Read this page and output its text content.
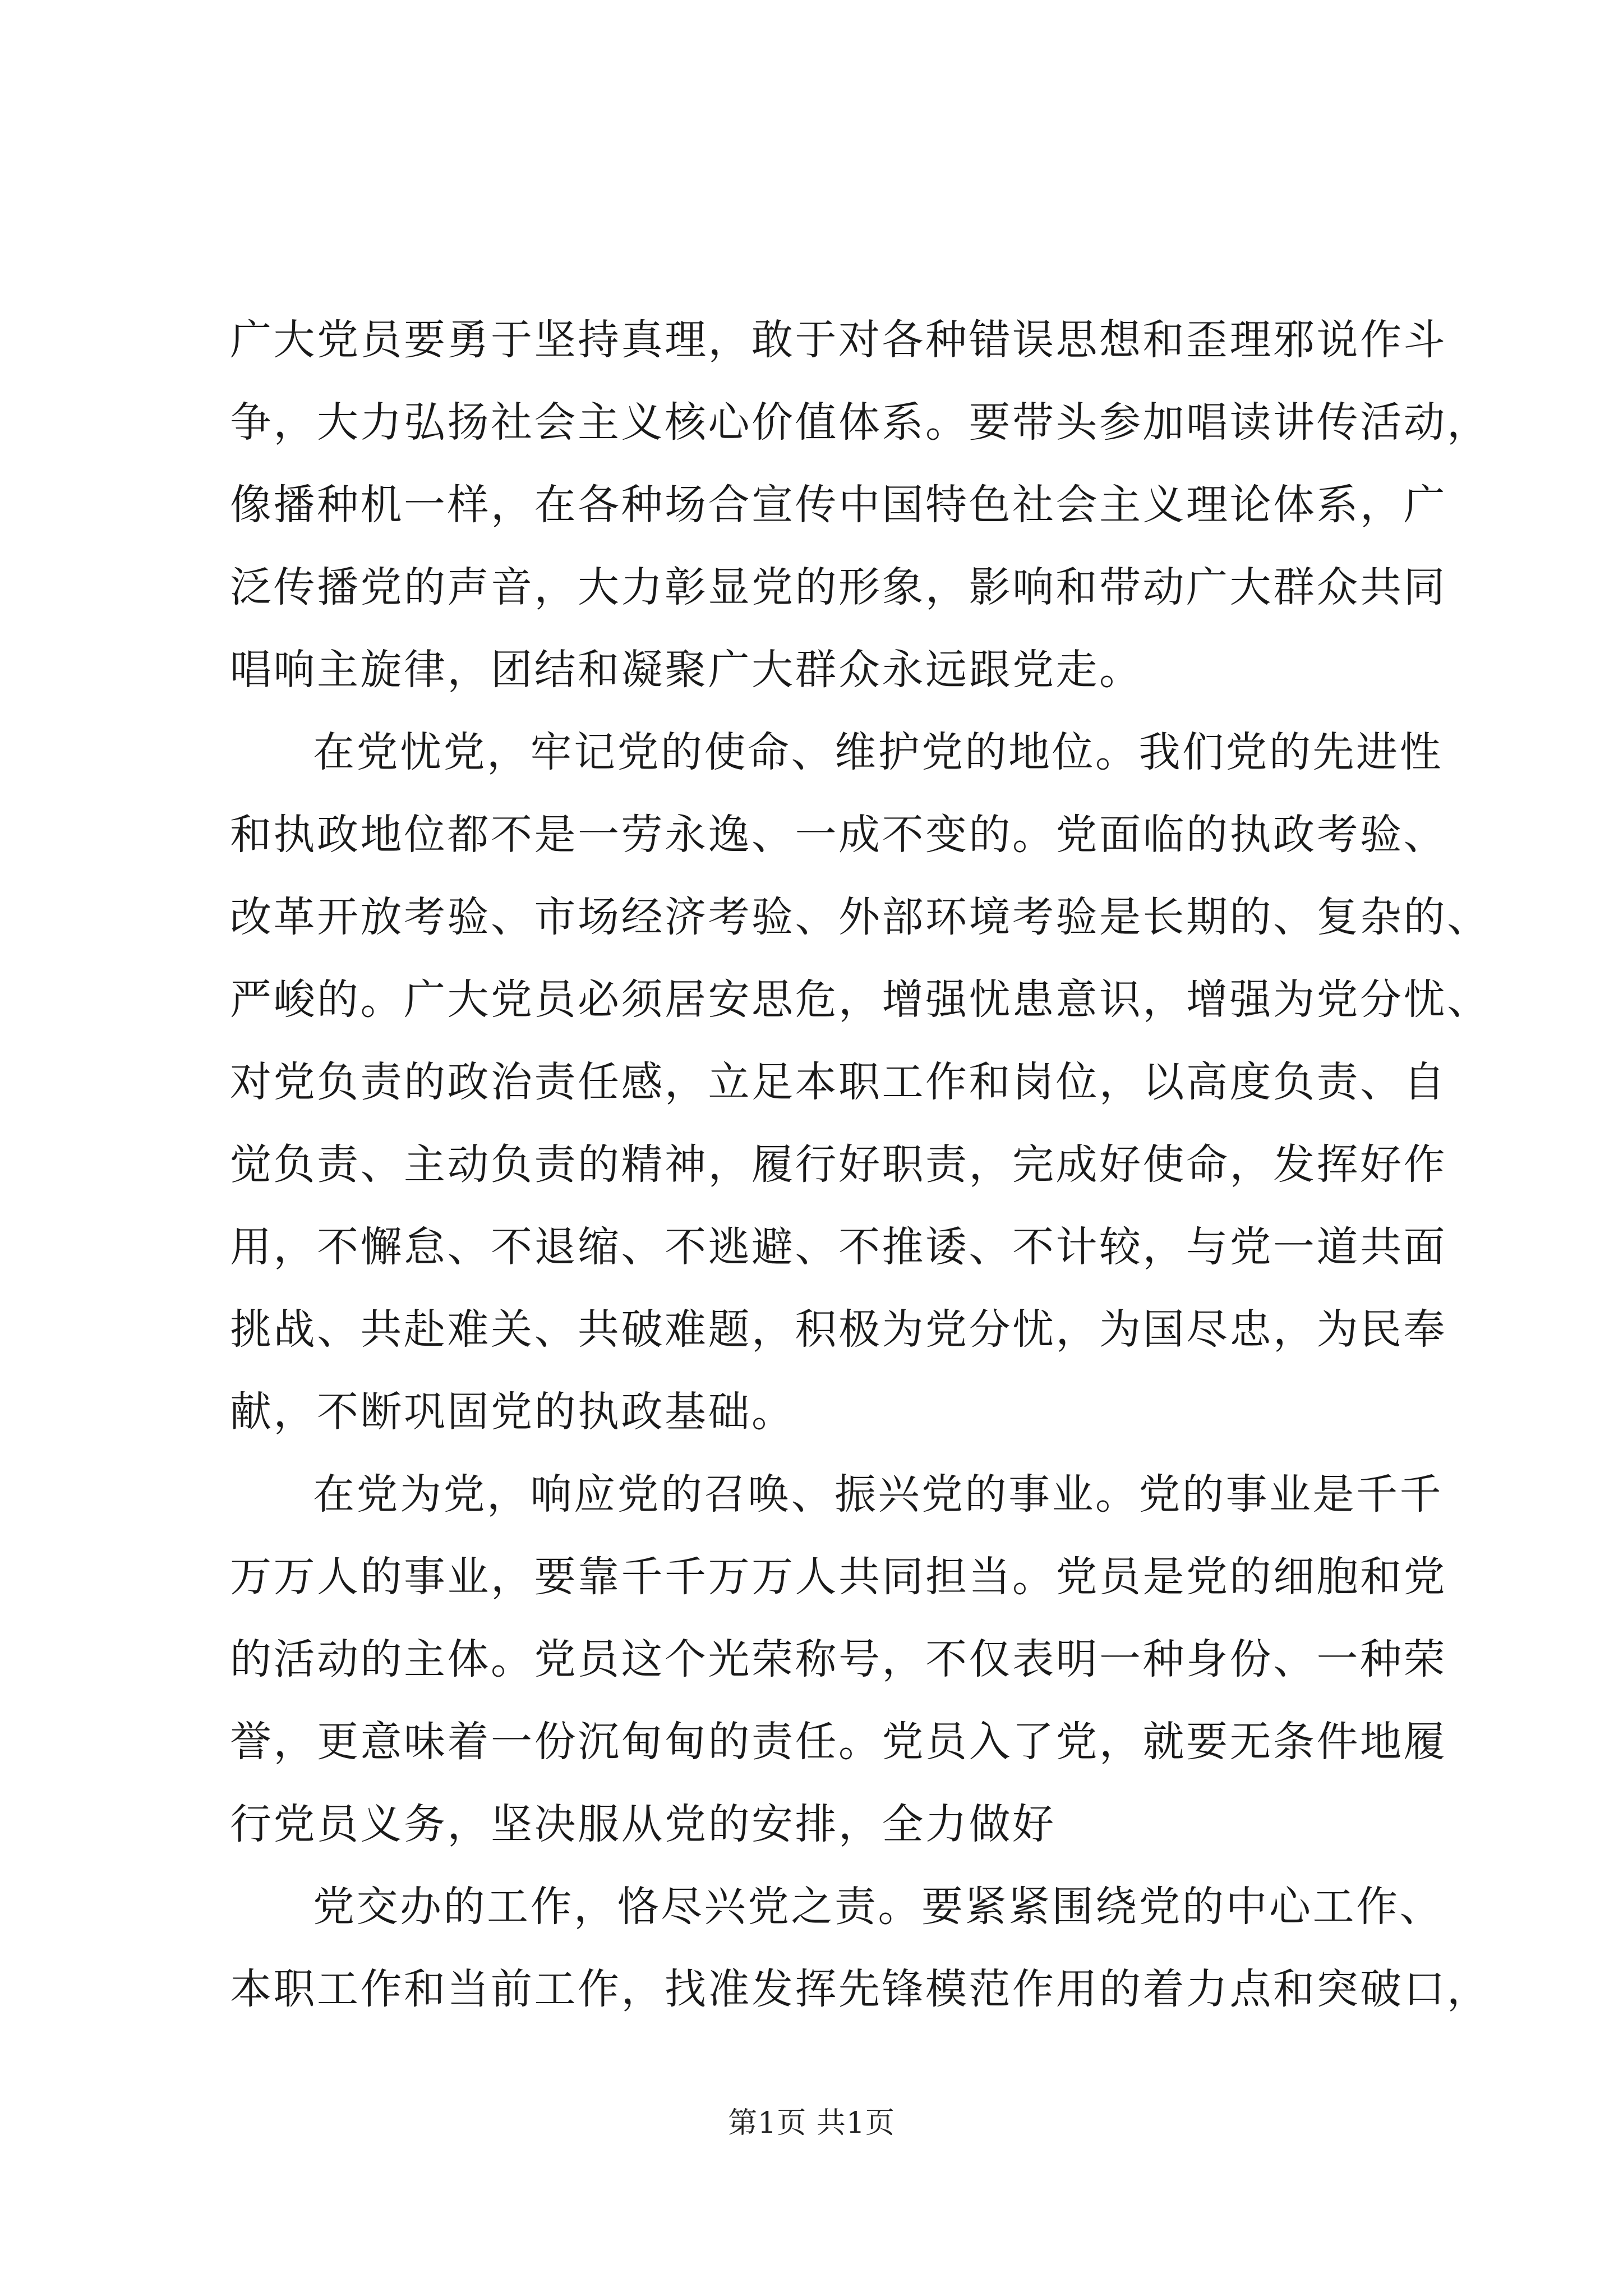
广大党员要勇于坚持真理，敢于对各种错误思想和歪理邪说作斗
争，大力弘扬社会主义核心价值体系。要带头参加唱读讲传活动，
像播种机一样，在各种场合宣传中国特色社会主义理论体系，广
泛传播党的声音，大力彰显党的形象，影响和带动广大群众共同
唱响主旋律，团结和凝聚广大群众永远跟党走。
在党忧党，牢记党的使命、维护党的地位。我们党的先进性
和执政地位都不是一劳永逸、一成不变的。党面临的执政考验、
改革开放考验、市场经济考验、外部环境考验是长期的、复杂的、
严峻的。广大党员必须居安思危，增强忧患意识，增强为党分忧、
对党负责的政治责任感，立足本职工作和岗位，以高度负责、自
觉负责、主动负责的精神，履行好职责，完成好使命，发挥好作
用，不懈怠、不退缩、不逃避、不推诿、不计较，与党一道共面
挑战、共赴难关、共破难题，积极为党分忧，为国尽忠，为民奉
献，不断巩固党的执政基础。
在党为党，响应党的召唤、振兴党的事业。党的事业是千千
万万人的事业，要靠千千万万人共同担当。党员是党的细胞和党
的活动的主体。党员这个光荣称号，不仅表明一种身份、一种荣
誉，更意味着一份沉甸甸的责任。党员入了党，就要无条件地履
行党员义务，坚决服从党的安排，全力做好
党交办的工作，恪尽兴党之责。要紧紧围绕党的中心工作、
本职工作和当前工作，找准发挥先锋模范作用的着力点和突破口，
第1页 共1页
